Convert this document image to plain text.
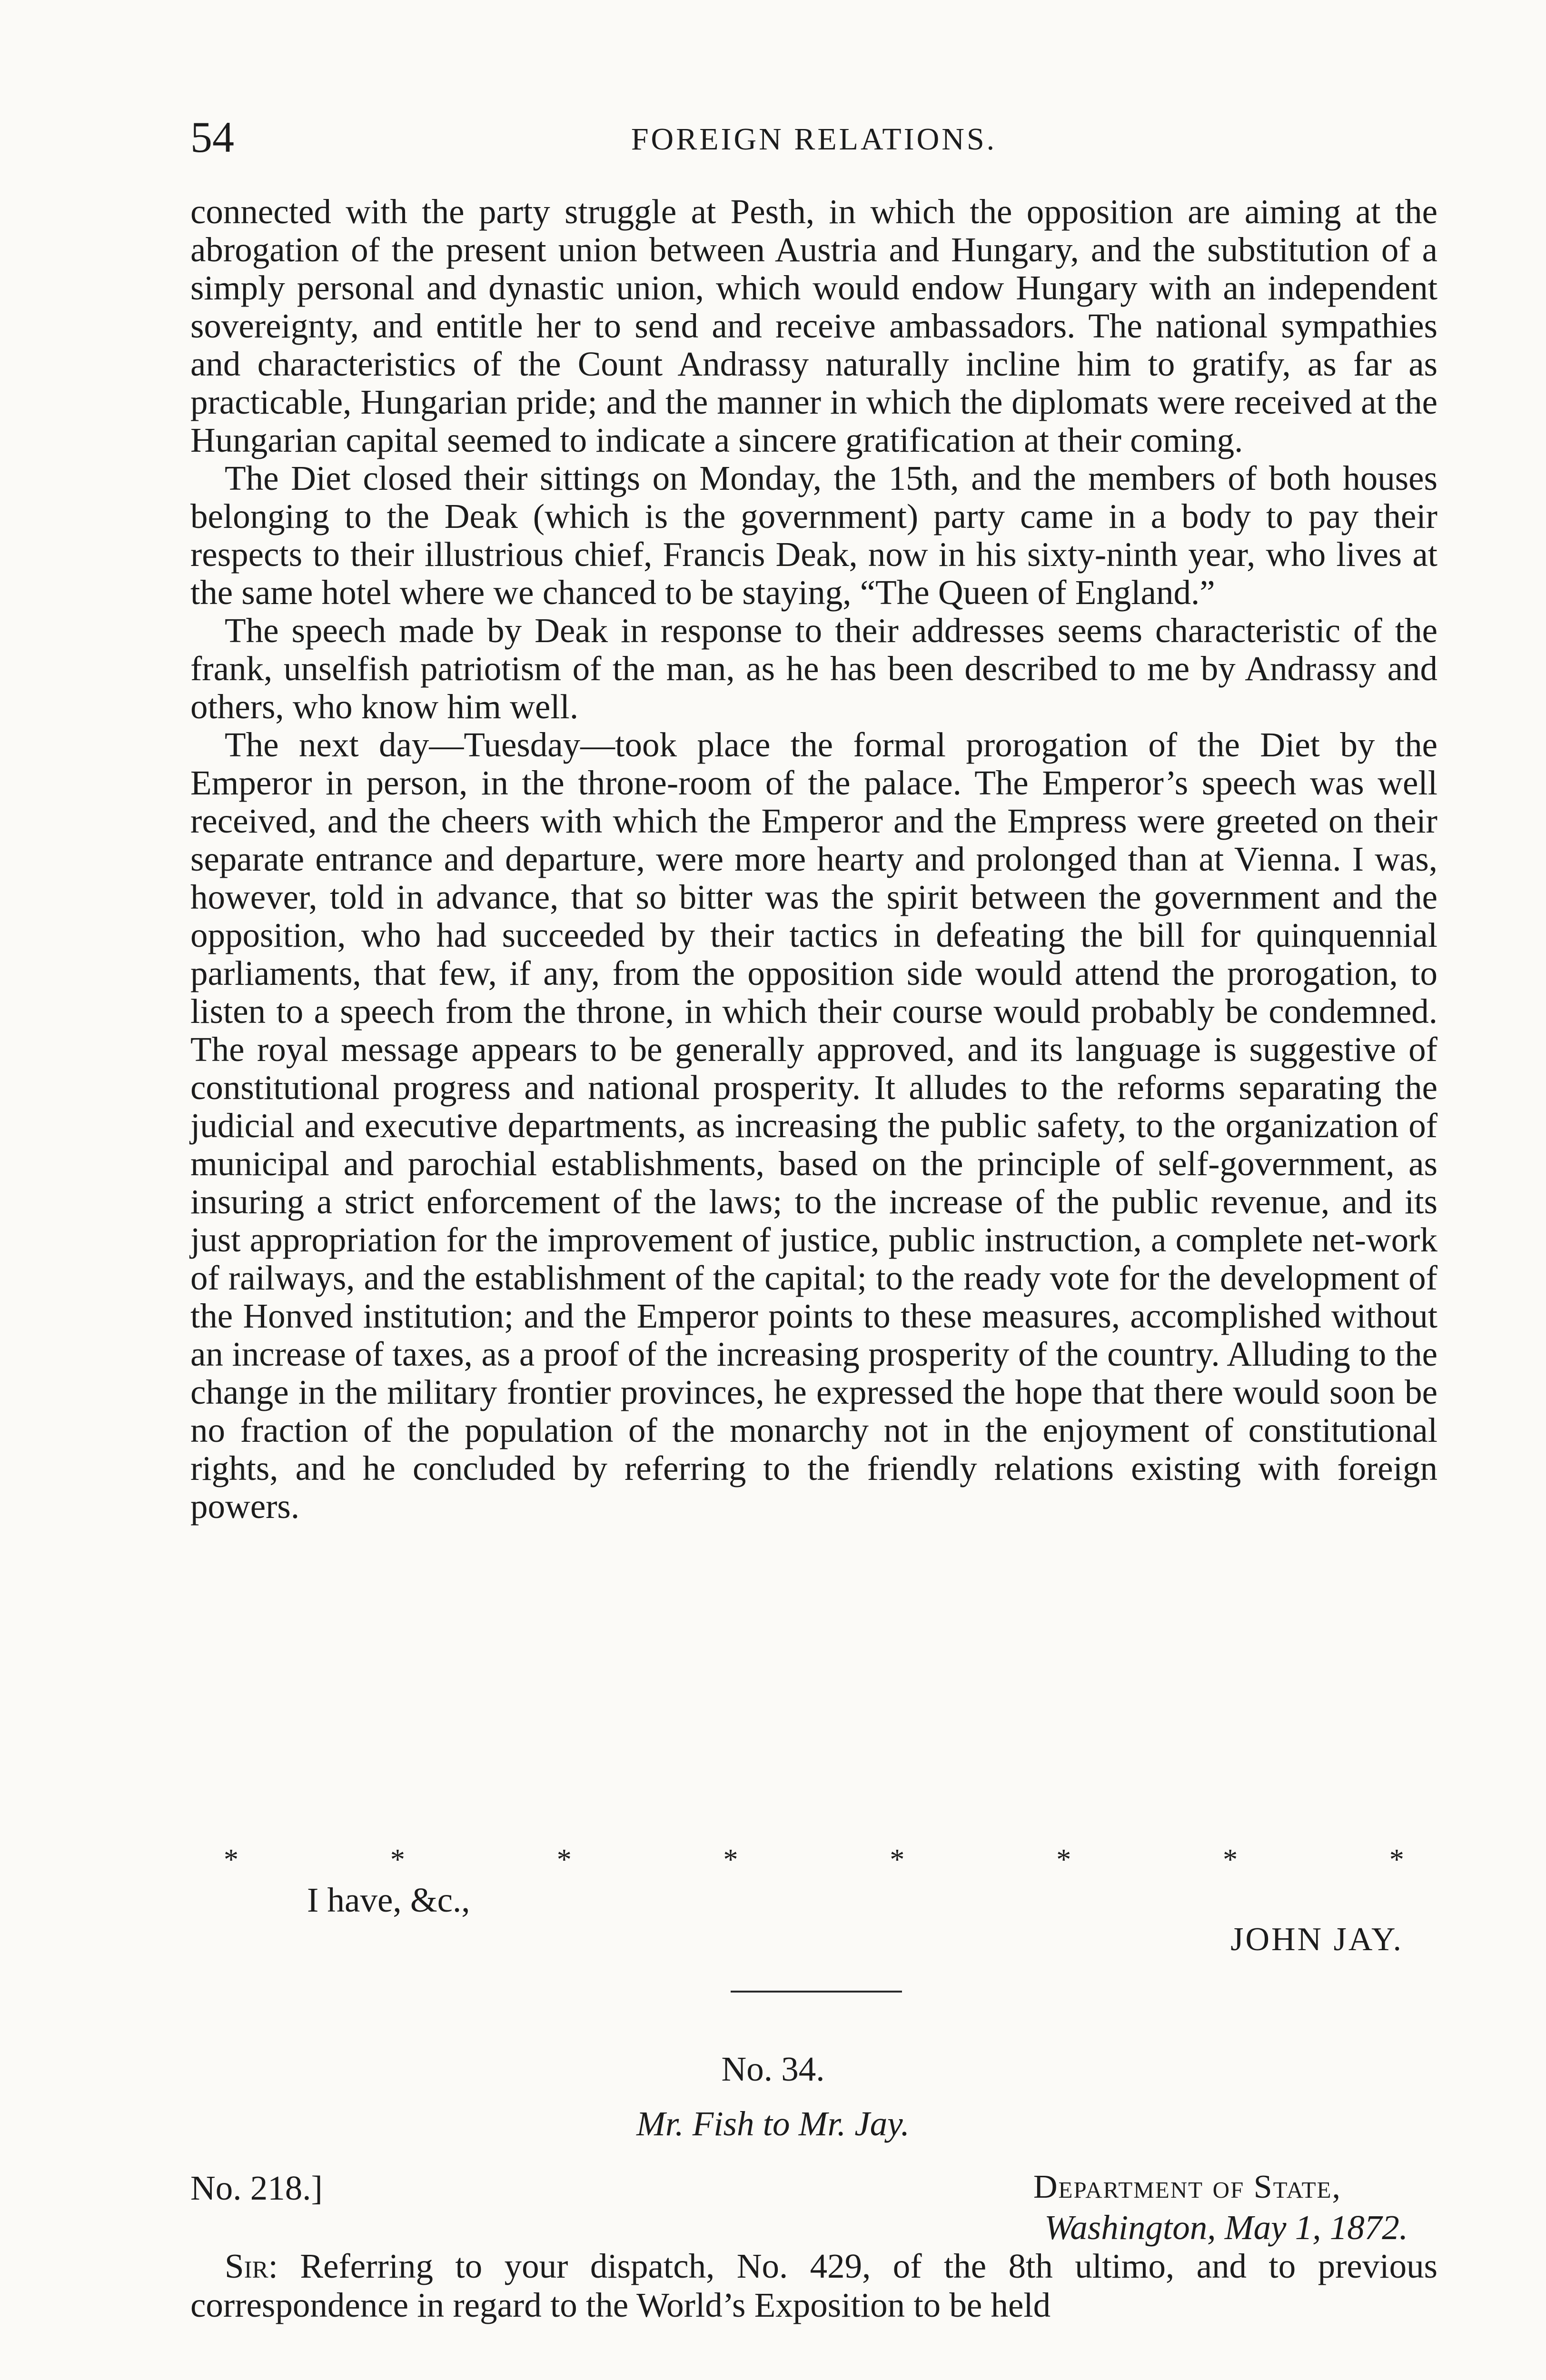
54	FOREIGN RELATIONS.

connected with the party struggle at Pesth, in which the opposition are aiming at the abrogation of the present union between Austria and Hungary, and the substitution of a simply personal and dynastic union, which would endow Hungary with an independent sovereignty, and entitle her to send and receive ambassadors. The national sympathies and characteristics of the Count Andrassy naturally incline him to gratify, as far as practicable, Hungarian pride; and the manner in which the diplomats were received at the Hungarian capital seemed to indicate a sincere gratification at their coming.

The Diet closed their sittings on Monday, the 15th, and the members of both houses belonging to the Deak (which is the government) party came in a body to pay their respects to their illustrious chief, Francis Deak, now in his sixty-ninth year, who lives at the same hotel where we chanced to be staying, “The Queen of England.”

The speech made by Deak in response to their addresses seems characteristic of the frank, unselfish patriotism of the man, as he has been described to me by Andrassy and others, who know him well.

The next day—Tuesday—took place the formal prorogation of the Diet by the Emperor in person, in the throne-room of the palace. The Emperor’s speech was well received, and the cheers with which the Emperor and the Empress were greeted on their separate entrance and departure, were more hearty and prolonged than at Vienna. I was, however, told in advance, that so bitter was the spirit between the government and the opposition, who had succeeded by their tactics in defeating the bill for quinquennial parliaments, that few, if any, from the opposition side would attend the prorogation, to listen to a speech from the throne, in which their course would probably be condemned. The royal message appears to be generally approved, and its language is suggestive of constitutional progress and national prosperity. It alludes to the reforms separating the judicial and executive departments, as increasing the public safety, to the organization of municipal and parochial establishments, based on the principle of self-government, as insuring a strict enforcement of the laws; to the increase of the public revenue, and its just appropriation for the improvement of justice, public instruction, a complete net-work of railways, and the establishment of the capital; to the ready vote for the development of the Honved institution; and the Emperor points to these measures, accomplished without an increase of taxes, as a proof of the increasing prosperity of the country. Alluding to the change in the military frontier provinces, he expressed the hope that there would soon be no fraction of the population of the monarchy not in the enjoyment of constitutional rights, and he concluded by referring to the friendly relations existing with foreign powers.

*	*	*	*	*	*	*	*
I have, &c.,
JOHN JAY.
No. 34.
Mr. Fish to Mr. Jay.
No. 218.]	Department of State,
Washington, May 1, 1872.

Sir: Referring to your dispatch, No. 429, of the 8th ultimo, and to previous correspondence in regard to the World’s Exposition to be held
